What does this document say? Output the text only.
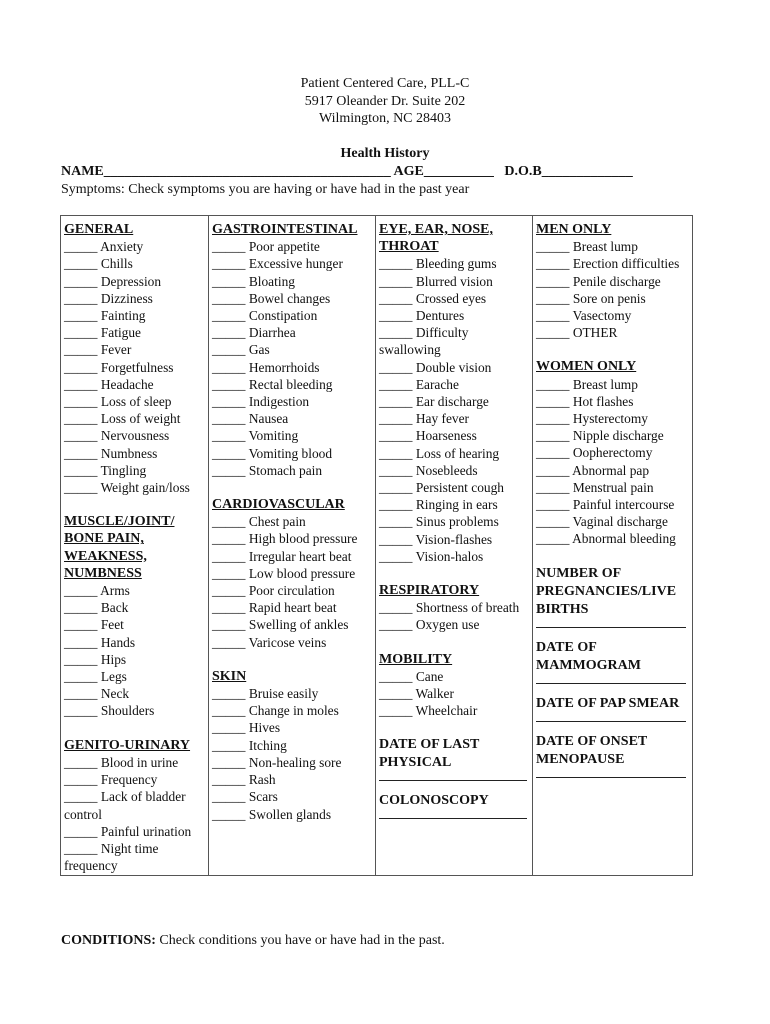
Patient Centered Care, PLL-C
5917 Oleander Dr. Suite 202
Wilmington, NC 28403
Health History
NAME_________________________________________ AGE__________ D.O.B_____________
Symptoms: Check symptoms you are having or have had in the past year
GENERAL
_____ Anxiety
_____ Chills
_____ Depression
_____ Dizziness
_____ Fainting
_____ Fatigue
_____ Fever
_____ Forgetfulness
_____ Headache
_____ Loss of sleep
_____ Loss of weight
_____ Nervousness
_____ Numbness
_____ Tingling
_____ Weight gain/loss
MUSCLE/JOINT/ BONE PAIN, WEAKNESS, NUMBNESS
_____ Arms
_____ Back
_____ Feet
_____ Hands
_____ Hips
_____ Legs
_____ Neck
_____ Shoulders
GENITO-URINARY
_____ Blood in urine
_____ Frequency
_____ Lack of bladder control
_____ Painful urination
_____ Night time frequency
GASTROINTESTINAL
_____ Poor appetite
_____ Excessive hunger
_____ Bloating
_____ Bowel changes
_____ Constipation
_____ Diarrhea
_____ Gas
_____ Hemorrhoids
_____ Rectal bleeding
_____ Indigestion
_____ Nausea
_____ Vomiting
_____ Vomiting blood
_____ Stomach pain
CARDIOVASCULAR
_____ Chest pain
_____ High blood pressure
_____ Irregular heart beat
_____ Low blood pressure
_____ Poor circulation
_____ Rapid heart beat
_____ Swelling of ankles
_____ Varicose veins
SKIN
_____ Bruise easily
_____ Change in moles
_____ Hives
_____ Itching
_____ Non-healing sore
_____ Rash
_____ Scars
_____ Swollen glands
EYE, EAR, NOSE, THROAT
_____ Bleeding gums
_____ Blurred vision
_____ Crossed eyes
_____ Dentures
_____ Difficulty swallowing
_____ Double vision
_____ Earache
_____ Ear discharge
_____ Hay fever
_____ Hoarseness
_____ Loss of hearing
_____ Nosebleeds
_____ Persistent cough
_____ Ringing in ears
_____ Sinus problems
_____ Vision-flashes
_____ Vision-halos
RESPIRATORY
_____ Shortness of breath
_____ Oxygen use
MOBILITY
_____ Cane
_____ Walker
_____ Wheelchair
DATE OF LAST PHYSICAL
COLONOSCOPY
MEN ONLY
_____ Breast lump
_____ Erection difficulties
_____ Penile discharge
_____ Sore on penis
_____ Vasectomy
_____ OTHER
WOMEN ONLY
_____ Breast lump
_____ Hot flashes
_____ Hysterectomy
_____ Nipple discharge
_____ Oopherectomy
_____ Abnormal pap
_____ Menstrual pain
_____ Painful intercourse
_____ Vaginal discharge
_____ Abnormal bleeding
NUMBER OF PREGNANCIES/LIVE BIRTHS
DATE OF MAMMOGRAM
DATE OF PAP SMEAR
DATE OF ONSET MENOPAUSE
CONDITIONS: Check conditions you have or have had in the past.
